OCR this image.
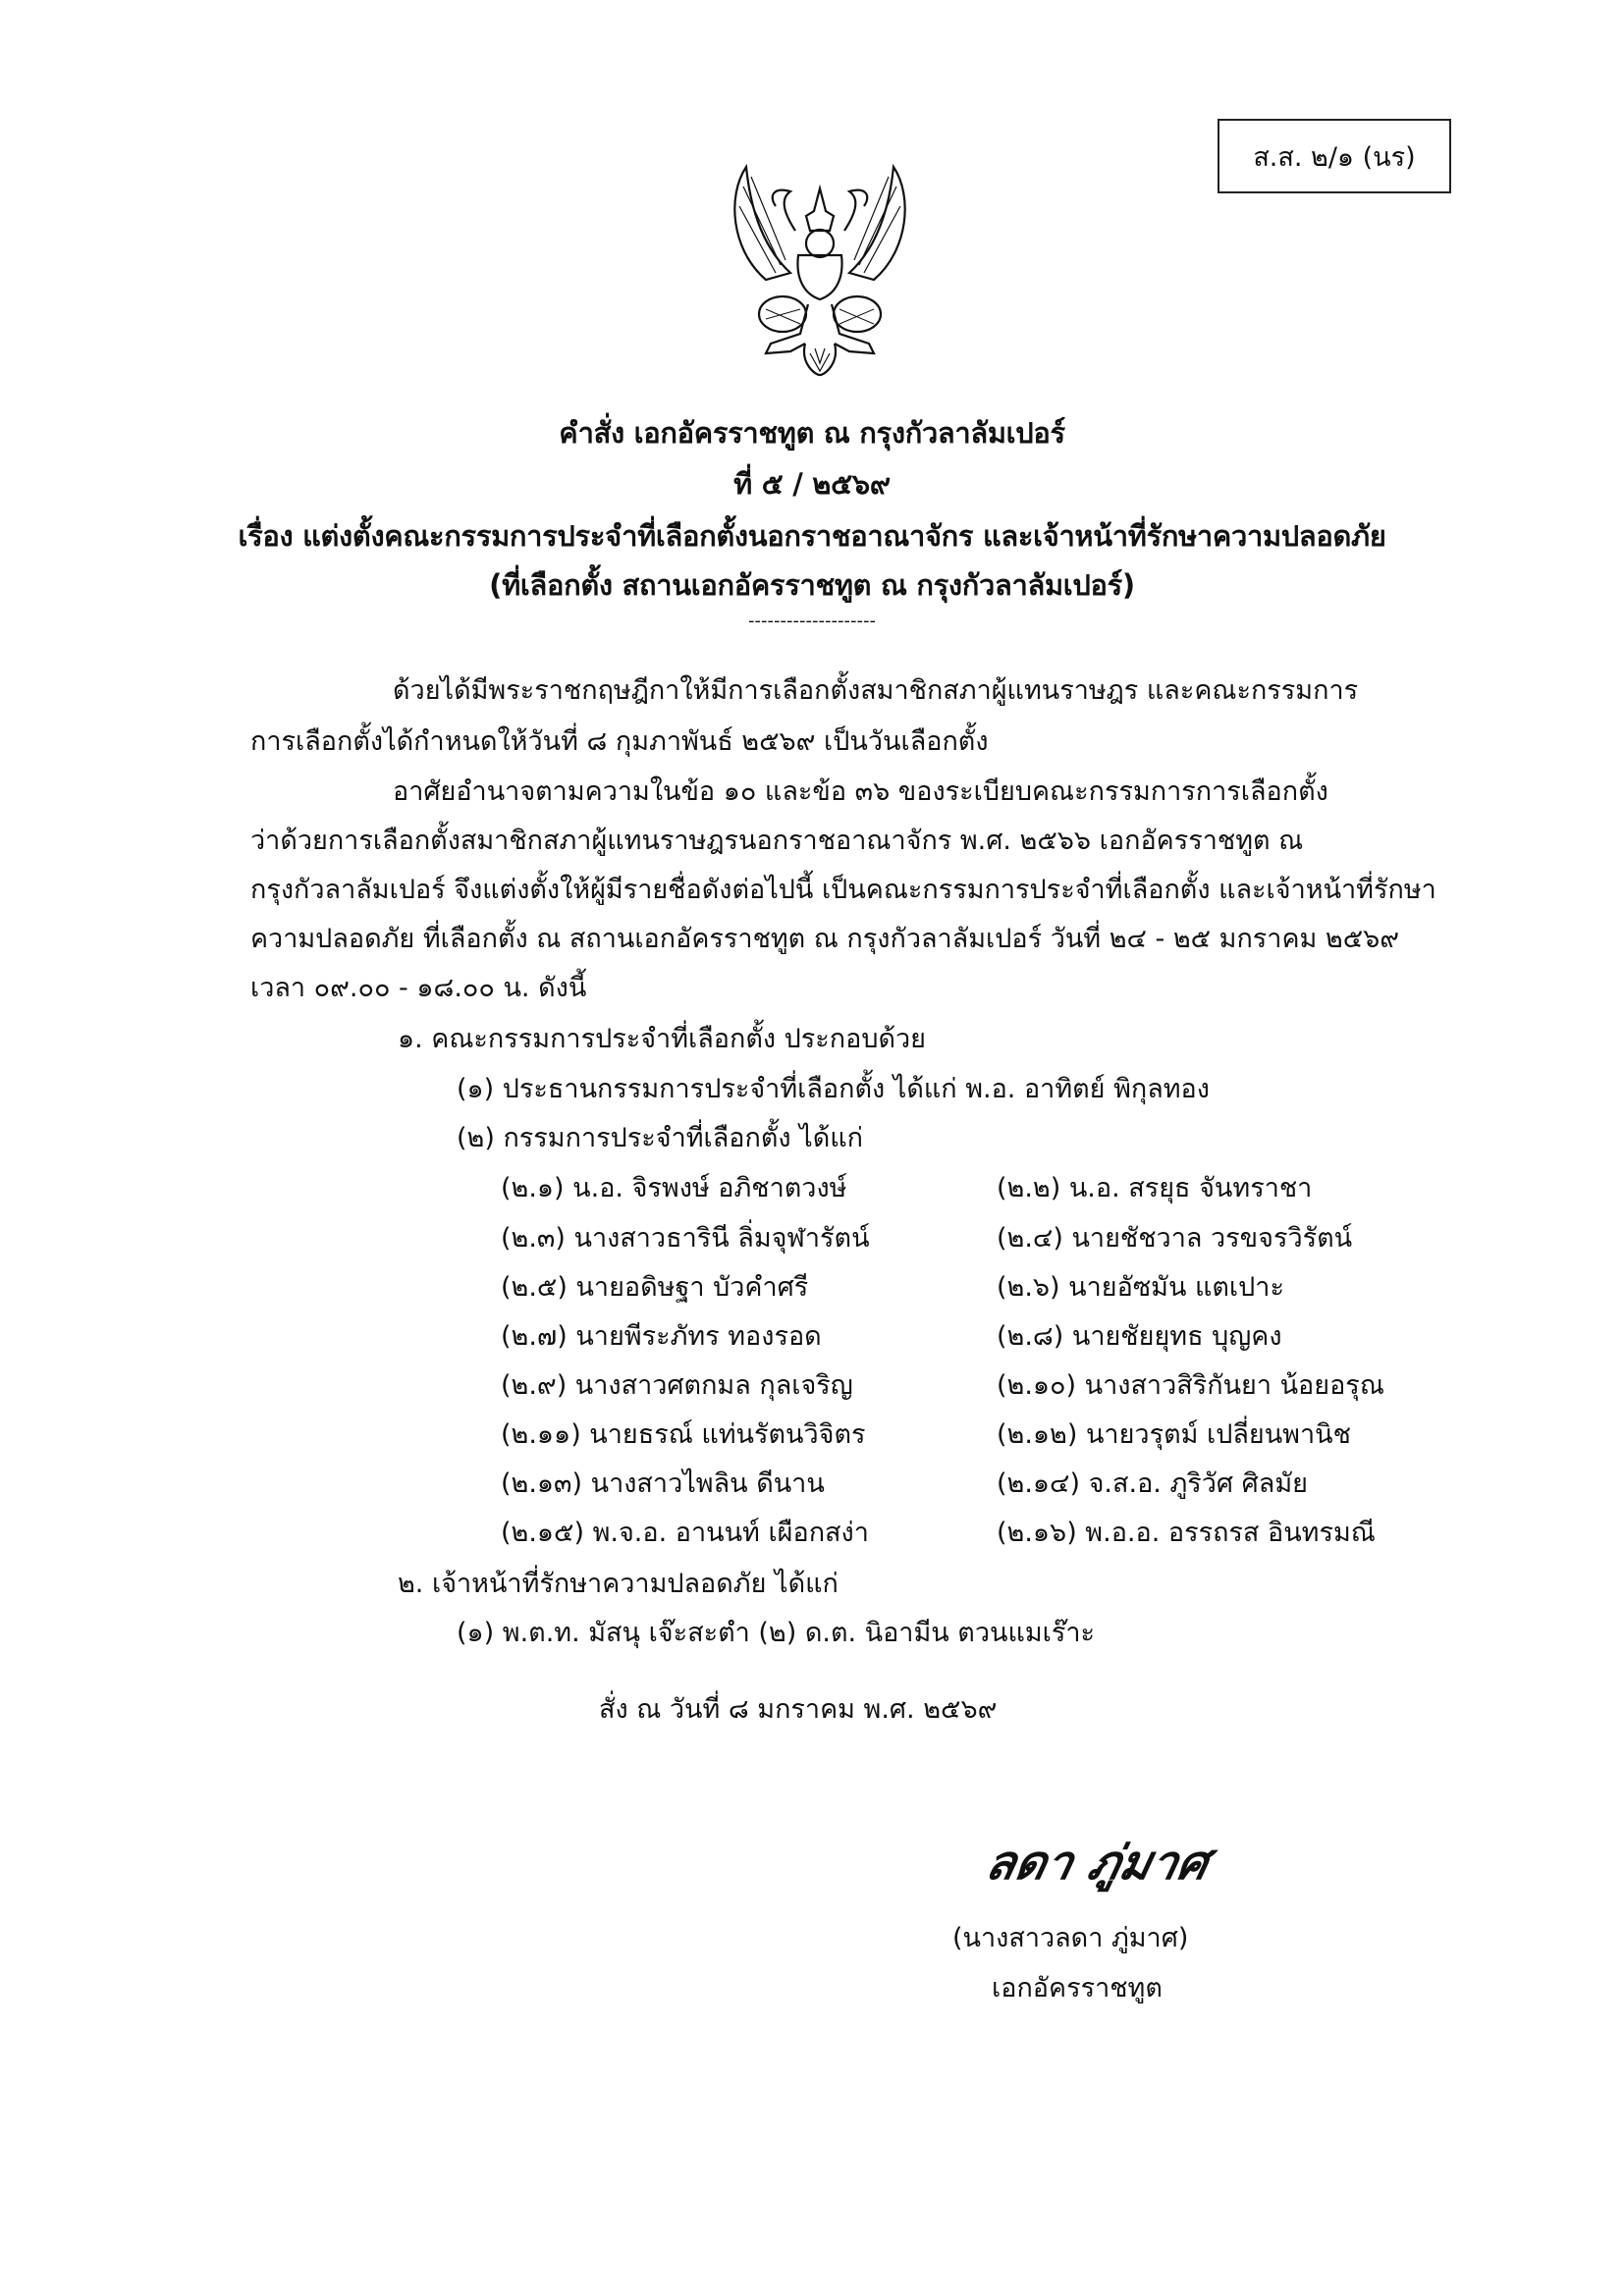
ส.ส. ๒/๑ (นร)
คำสั่ง เอกอัครราชทูต ณ กรุงกัวลาลัมเปอร์
ที่ ๕ / ๒๕๖๙
เรื่อง แต่งตั้งคณะกรรมการประจำที่เลือกตั้งนอกราชอาณาจักร และเจ้าหน้าที่รักษาความปลอดภัย
(ที่เลือกตั้ง สถานเอกอัครราชทูต ณ กรุงกัวลาลัมเปอร์)
--------------------
ด้วยได้มีพระราชกฤษฎีกาให้มีการเลือกตั้งสมาชิกสภาผู้แทนราษฎร และคณะกรรมการ
การเลือกตั้งได้กำหนดให้วันที่ ๘ กุมภาพันธ์ ๒๕๖๙ เป็นวันเลือกตั้ง
อาศัยอำนาจตามความในข้อ ๑๐ และข้อ ๓๖ ของระเบียบคณะกรรมการการเลือกตั้ง
ว่าด้วยการเลือกตั้งสมาชิกสภาผู้แทนราษฎรนอกราชอาณาจักร พ.ศ. ๒๕๖๖ เอกอัครราชทูต ณ
กรุงกัวลาลัมเปอร์ จึงแต่งตั้งให้ผู้มีรายชื่อดังต่อไปนี้ เป็นคณะกรรมการประจำที่เลือกตั้ง และเจ้าหน้าที่รักษา
ความปลอดภัย ที่เลือกตั้ง ณ สถานเอกอัครราชทูต ณ กรุงกัวลาลัมเปอร์ วันที่ ๒๔ - ๒๕ มกราคม ๒๕๖๙
เวลา ๐๙.๐๐ - ๑๘.๐๐ น. ดังนี้
๑. คณะกรรมการประจำที่เลือกตั้ง ประกอบด้วย
(๑) ประธานกรรมการประจำที่เลือกตั้ง ได้แก่ พ.อ. อาทิตย์ พิกุลทอง
(๒) กรรมการประจำที่เลือกตั้ง ได้แก่
(๒.๑) น.อ. จิรพงษ์ อภิชาตวงษ์	(๒.๒) น.อ. สรยุธ จันทราชา
(๒.๓) นางสาวธารินี ลิ่มจุฬารัตน์	(๒.๔) นายชัชวาล วรขจรวิรัตน์
(๒.๕) นายอดิษฐา บัวคำศรี	(๒.๖) นายอัซมัน แตเปาะ
(๒.๗) นายพีระภัทร ทองรอด	(๒.๘) นายชัยยุทธ บุญคง
(๒.๙) นางสาวศตกมล กุลเจริญ	(๒.๑๐) นางสาวสิริกันยา น้อยอรุณ
(๒.๑๑) นายธรณ์ แท่นรัตนวิจิตร	(๒.๑๒) นายวรุตม์ เปลี่ยนพานิช
(๒.๑๓) นางสาวไพลิน ดีนาน	(๒.๑๔) จ.ส.อ. ภูริวัศ ศิลมัย
(๒.๑๕) พ.จ.อ. อานนท์ เผือกสง่า	(๒.๑๖) พ.อ.อ. อรรถรส อินทรมณี
๒. เจ้าหน้าที่รักษาความปลอดภัย ได้แก่
(๑) พ.ต.ท. มัสนุ เจ๊ะสะตำ (๒) ด.ต. นิอามีน ตวนแมเร๊าะ
สั่ง ณ วันที่ ๘ มกราคม พ.ศ. ๒๕๖๙
ลดา ภู่มาศ
(นางสาวลดา ภู่มาศ)
เอกอัครราชทูต
